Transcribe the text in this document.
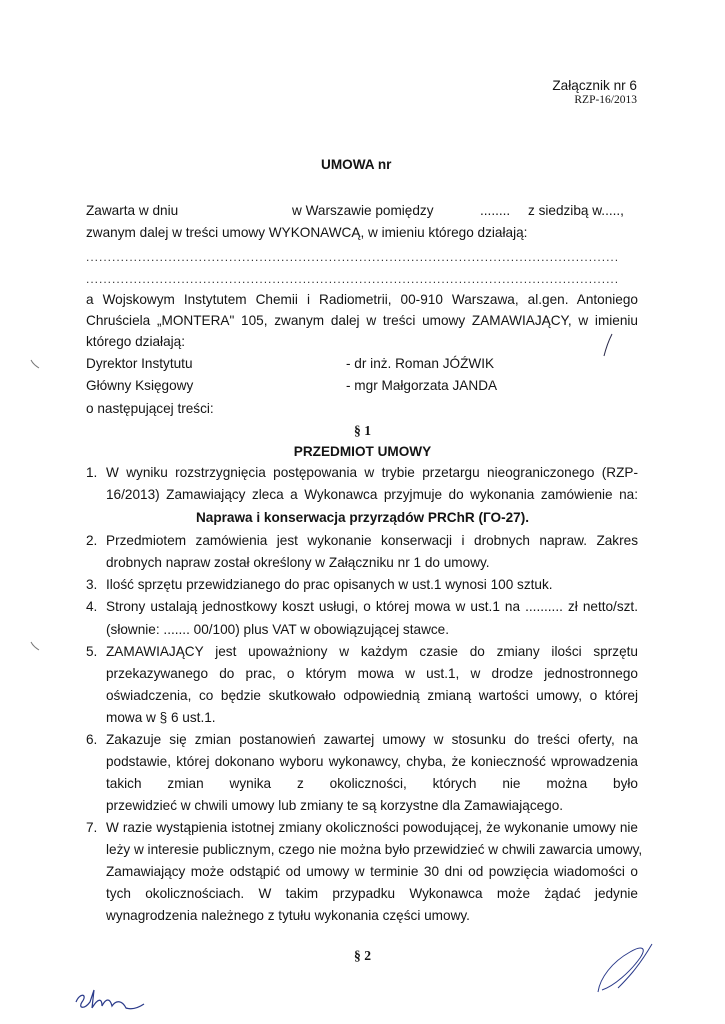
Załącznik nr 6
RZP-16/2013
UMOWA nr
Zawarta w dniu	w Warszawie pomiędzy	........ z siedzibą w.....,
zwanym dalej w treści umowy WYKONAWCĄ, w imieniu którego działają:
...........................................................................................................................
...........................................................................................................................
a Wojskowym Instytutem Chemii i Radiometrii, 00-910 Warszawa, al.gen. Antoniego
Chruściela „MONTERA" 105, zwanym dalej w treści umowy ZAMAWIAJĄCY, w imieniu
którego działają:
Dyrektor Instytutu	- dr inż. Roman JÓŹWIK
Główny Księgowy	- mgr Małgorzata JANDA
o następującej treści:
§ 1
PRZEDMIOT UMOWY
1. W wyniku rozstrzygnięcia postępowania w trybie przetargu nieograniczonego (RZP-
16/2013) Zamawiający zleca a Wykonawca przyjmuje do wykonania zamówienie na:
Naprawa i konserwacja przyrządów PRChR (ГО-27).
2. Przedmiotem zamówienia jest wykonanie konserwacji i drobnych napraw. Zakres
drobnych napraw został określony w Załączniku nr 1 do umowy.
3. Ilość sprzętu przewidzianego do prac opisanych w ust.1 wynosi 100 sztuk.
4. Strony ustalają jednostkowy koszt usługi, o której mowa w ust.1 na .......... zł netto/szt.
(słownie: ....... 00/100) plus VAT w obowiązującej stawce.
5. ZAMAWIAJĄCY jest upoważniony w każdym czasie do zmiany ilości sprzętu
przekazywanego do prac, o którym mowa w ust.1, w drodze jednostronnego
oświadczenia, co będzie skutkowało odpowiednią zmianą wartości umowy, o której
mowa w § 6 ust.1.
6. Zakazuje się zmian postanowień zawartej umowy w stosunku do treści oferty, na
podstawie, której dokonano wyboru wykonawcy, chyba, że konieczność wprowadzenia
takich zmian wynika z okoliczności, których nie można było
przewidzieć w chwili umowy lub zmiany te są korzystne dla Zamawiającego.
7. W razie wystąpienia istotnej zmiany okoliczności powodującej, że wykonanie umowy nie
leży w interesie publicznym, czego nie można było przewidzieć w chwili zawarcia umowy,
Zamawiający może odstąpić od umowy w terminie 30 dni od powzięcia wiadomości o
tych okolicznościach. W takim przypadku Wykonawca może żądać jedynie
wynagrodzenia należnego z tytułu wykonania części umowy.
§ 2
